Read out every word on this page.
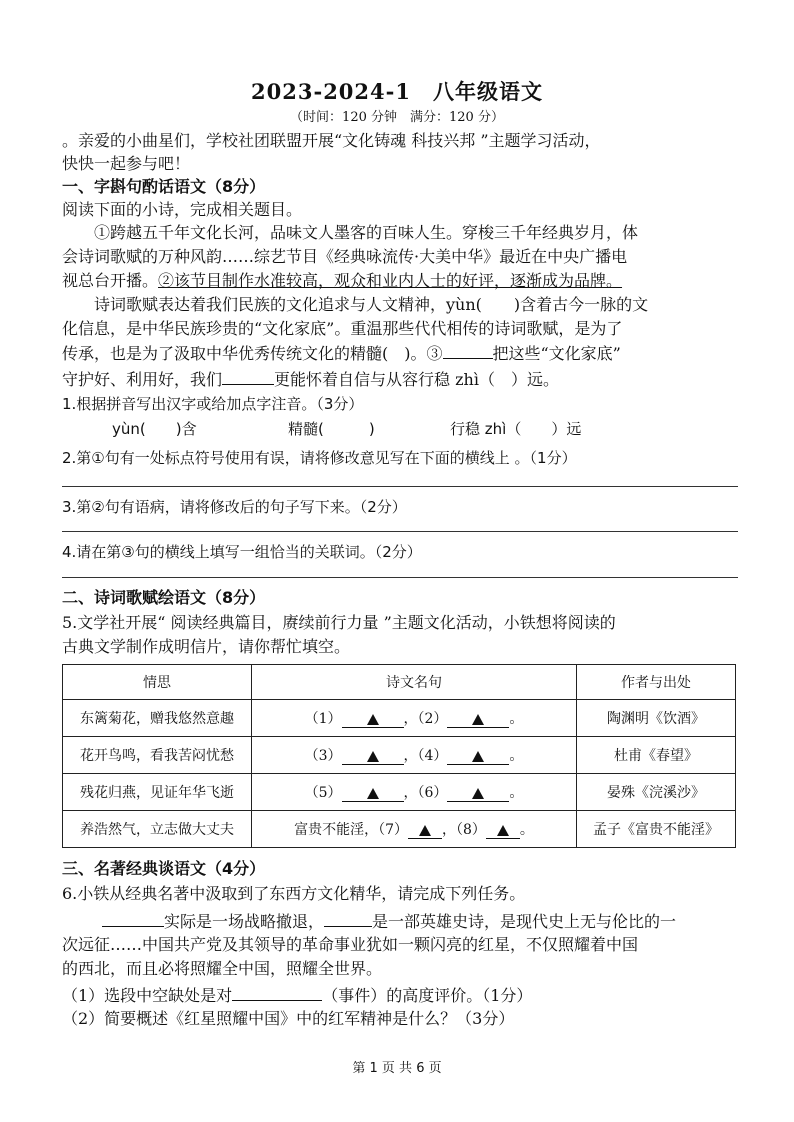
2023-2024-1　八年级语文
（时间：120 分钟　满分：120 分）
。亲爱的小曲星们，学校社团联盟开展“文化铸魂 科技兴邦 ”主题学习活动，
快快一起参与吧！
一、字斟句酌话语文（8分）
阅读下面的小诗，完成相关题目。
①跨越五千年文化长河，品味文人墨客的百味人生。穿梭三千年经典岁月，体
会诗词歌赋的万种风韵……综艺节目《经典咏流传·大美中华》最近在中央广播电
视总台开播。②该节目制作水准较高，观众和业内人士的好评，逐渐成为品牌。
诗词歌赋表达着我们民族的文化追求与人文精神，yùn(　　)含着古今一脉的文
化信息，是中华民族珍贵的“文化家底”。重温那些代代相传的诗词歌赋，是为了
传承，也是为了汲取中华优秀传统文化的精髓(　)。③	把这些“文化家底”
守护好、利用好，我们	更能怀着自信与从容行稳 zhì（　）远。
1.根据拼音写出汉字或给加点字注音。（3分）
yùn(　　)含	精髓(　　　)	行稳 zhì（　　）远
2.第①句有一处标点符号使用有误，请将修改意见写在下面的横线上 。（1分）
3.第②句有语病，请将修改后的句子写下来。（2分）
4.请在第③句的横线上填写一组恰当的关联词。（2分）
二、诗词歌赋绘语文（8分）
5.文学社开展“ 阅读经典篇目，赓续前行力量 ”主题文化活动，小铁想将阅读的
古典文学制作成明信片，请你帮忙填空。
情思	诗文名句	作者与出处
东篱菊花，赠我悠然意趣	（1） ，（2） 。	陶渊明《饮酒》
花开鸟鸣，看我苦闷忧愁	（3） ，（4） 。	杜甫《春望》
残花归燕，见证年华飞逝	（5） ，（6） 。	晏殊《浣溪沙》
养浩然气，立志做大丈夫	富贵不能淫，（7） ，（8） 。	孟子《富贵不能淫》
三、名著经典谈语文（4分）
6.小铁从经典名著中汲取到了东西方文化精华，请完成下列任务。
实际是一场战略撤退，	是一部英雄史诗，是现代史上无与伦比的一
次远征……中国共产党及其领导的革命事业犹如一颗闪亮的红星，不仅照耀着中国
的西北，而且必将照耀全中国，照耀全世界。
（1）选段中空缺处是对	（事件）的高度评价。（1分）
（2）简要概述《红星照耀中国》中的红军精神是什么？（3分）
第 1 页 共 6 页
